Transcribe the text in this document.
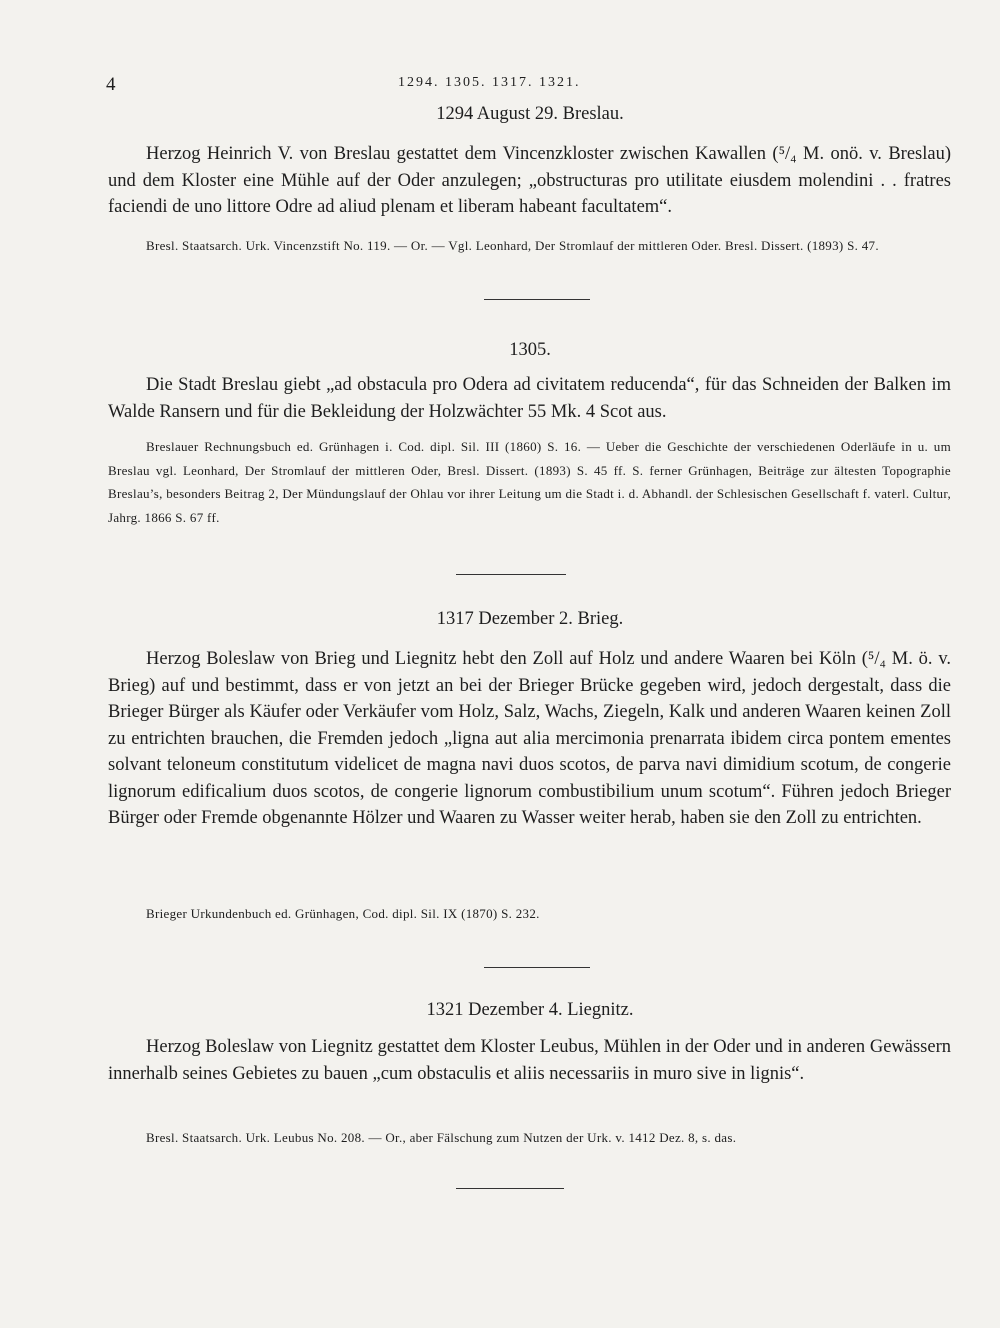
4	1294. 1305. 1317. 1321.
1294 August 29. Breslau.
Herzog Heinrich V. von Breslau gestattet dem Vincenzkloster zwischen Kawallen (⁵/₄ M. onö. v. Breslau) und dem Kloster eine Mühle auf der Oder anzulegen; „obstructuras pro utilitate eiusdem molendini . . fratres faciendi de uno littore Odre ad aliud plenam et liberam habeant facultatem“.
Bresl. Staatsarch. Urk. Vincenzstift No. 119. — Or. — Vgl. Leonhard, Der Stromlauf der mittleren Oder. Bresl. Dissert. (1893) S. 47.
1305.
Die Stadt Breslau giebt „ad obstacula pro Odera ad civitatem reducenda“, für das Schneiden der Balken im Walde Ransern und für die Bekleidung der Holzwächter 55 Mk. 4 Scot aus.
Breslauer Rechnungsbuch ed. Grünhagen i. Cod. dipl. Sil. III (1860) S. 16. — Ueber die Geschichte der verschiedenen Oderläufe in u. um Breslau vgl. Leonhard, Der Stromlauf der mittleren Oder, Bresl. Dissert. (1893) S. 45 ff. S. ferner Grünhagen, Beiträge zur ältesten Topographie Breslau’s, besonders Beitrag 2, Der Mündungslauf der Ohlau vor ihrer Leitung um die Stadt i. d. Abhandl. der Schlesischen Gesellschaft f. vaterl. Cultur, Jahrg. 1866 S. 67 ff.
1317 Dezember 2. Brieg.
Herzog Boleslaw von Brieg und Liegnitz hebt den Zoll auf Holz und andere Waaren bei Köln (⁵/₄ M. ö. v. Brieg) auf und bestimmt, dass er von jetzt an bei der Brieger Brücke gegeben wird, jedoch dergestalt, dass die Brieger Bürger als Käufer oder Verkäufer vom Holz, Salz, Wachs, Ziegeln, Kalk und anderen Waaren keinen Zoll zu entrichten brauchen, die Fremden jedoch „ligna aut alia mercimonia prenarrata ibidem circa pontem ementes solvant teloneum constitutum videlicet de magna navi duos scotos, de parva navi dimidium scotum, de congerie lignorum edificalium duos scotos, de congerie lignorum combustibilium unum scotum“. Führen jedoch Brieger Bürger oder Fremde obgenannte Hölzer und Waaren zu Wasser weiter herab, haben sie den Zoll zu entrichten.
Brieger Urkundenbuch ed. Grünhagen, Cod. dipl. Sil. IX (1870) S. 232.
1321 Dezember 4. Liegnitz.
Herzog Boleslaw von Liegnitz gestattet dem Kloster Leubus, Mühlen in der Oder und in anderen Gewässern innerhalb seines Gebietes zu bauen „cum obstaculis et aliis necessariis in muro sive in lignis“.
Bresl. Staatsarch. Urk. Leubus No. 208. — Or., aber Fälschung zum Nutzen der Urk. v. 1412 Dez. 8, s. das.
